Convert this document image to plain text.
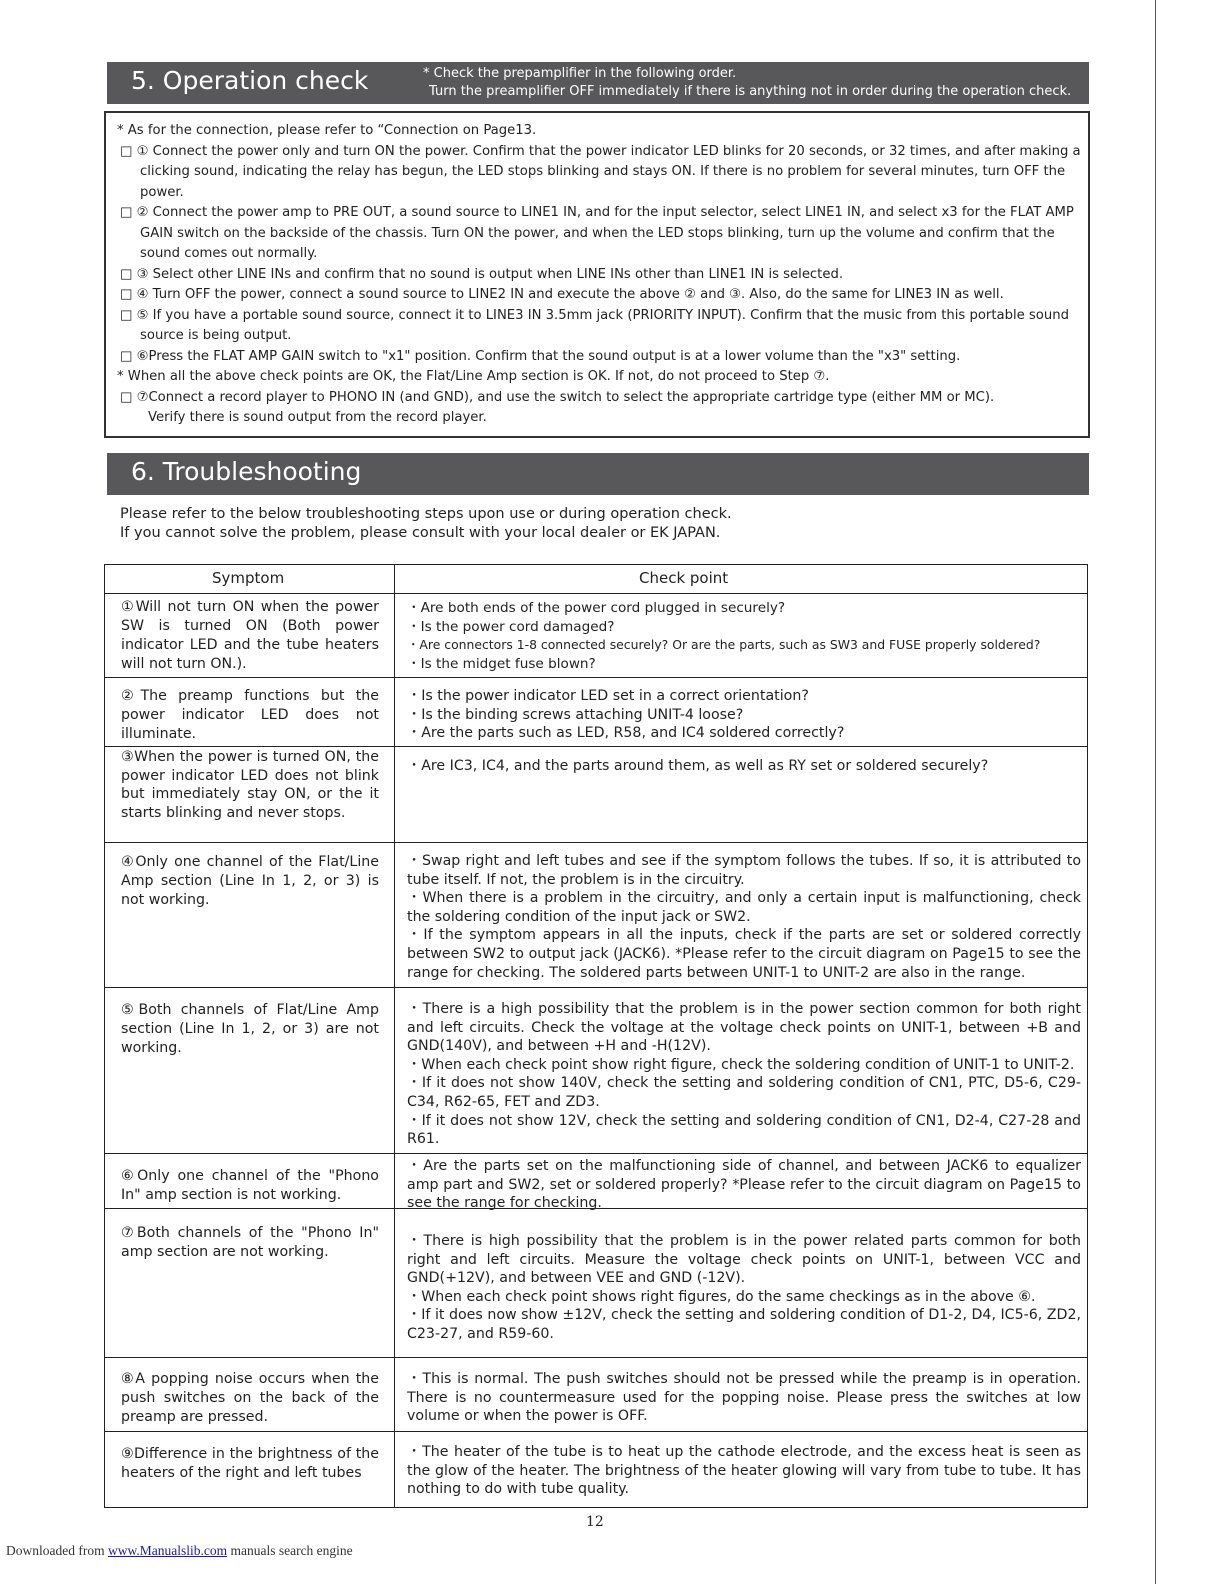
5. Operation check	* Check the prepamplifier in the following order.
Turn the preamplifier OFF immediately if there is anything not in order during the operation check.
* As for the connection, please refer to “Connection on Page13.
□ ① Connect the power only and turn ON the power. Confirm that the power indicator LED blinks for 20 seconds, or 32 times, and after making a
clicking sound, indicating the relay has begun, the LED stops blinking and stays ON. If there is no problem for several minutes, turn OFF the
power.
□ ② Connect the power amp to PRE OUT, a sound source to LINE1 IN, and for the input selector, select LINE1 IN, and select x3 for the FLAT AMP
GAIN switch on the backside of the chassis. Turn ON the power, and when the LED stops blinking, turn up the volume and confirm that the
sound comes out normally.
□ ③ Select other LINE INs and confirm that no sound is output when LINE INs other than LINE1 IN is selected.
□ ④ Turn OFF the power, connect a sound source to LINE2 IN and execute the above ② and ③. Also, do the same for LINE3 IN as well.
□ ⑤ If you have a portable sound source, connect it to LINE3 IN 3.5mm jack (PRIORITY INPUT). Confirm that the music from this portable sound
source is being output.
□ ⑥Press the FLAT AMP GAIN switch to "x1" position. Confirm that the sound output is at a lower volume than the "x3" setting.
* When all the above check points are OK, the Flat/Line Amp section is OK. If not, do not proceed to Step ⑦.
□ ⑦Connect a record player to PHONO IN (and GND), and use the switch to select the appropriate cartridge type (either MM or MC).
Verify there is sound output from the record player.
6. Troubleshooting
Please refer to the below troubleshooting steps upon use or during operation check.
If you cannot solve the problem, please consult with your local dealer or EK JAPAN.
Symptom	Check point
①Will not turn ON when the power SW is turned ON (Both power indicator LED and the tube heaters will not turn ON.).
・Are both ends of the power cord plugged in securely?
・Is the power cord damaged?
・Are connectors 1-8 connected securely? Or are the parts, such as SW3 and FUSE properly soldered?
・Is the midget fuse blown?
②The preamp functions but the power indicator LED does not illuminate.
・Is the power indicator LED set in a correct orientation?
・Is the binding screws attaching UNIT-4 loose?
・Are the parts such as LED, R58, and IC4 soldered correctly?
③When the power is turned ON, the power indicator LED does not blink but immediately stay ON, or the it starts blinking and never stops.
・Are IC3, IC4, and the parts around them, as well as RY set or soldered securely?
④Only one channel of the Flat/Line Amp section (Line In 1, 2, or 3) is not working.
・Swap right and left tubes and see if the symptom follows the tubes. If so, it is attributed to tube itself. If not, the problem is in the circuitry.
・When there is a problem in the circuitry, and only a certain input is malfunctioning, check the soldering condition of the input jack or SW2.
・If the symptom appears in all the inputs, check if the parts are set or soldered correctly between SW2 to output jack (JACK6). *Please refer to the circuit diagram on Page15 to see the range for checking. The soldered parts between UNIT-1 to UNIT-2 are also in the range.
⑤Both channels of Flat/Line Amp section (Line In 1, 2, or 3) are not working.
・There is a high possibility that the problem is in the power section common for both right and left circuits. Check the voltage at the voltage check points on UNIT-1, between +B and GND(140V), and between +H and -H(12V).
・When each check point show right figure, check the soldering condition of UNIT-1 to UNIT-2.
・If it does not show 140V, check the setting and soldering condition of CN1, PTC, D5-6, C29-C34, R62-65, FET and ZD3.
・If it does not show 12V, check the setting and soldering condition of CN1, D2-4, C27-28 and R61.
⑥Only one channel of the "Phono In" amp section is not working.
・Are the parts set on the malfunctioning side of channel, and between JACK6 to equalizer amp part and SW2, set or soldered properly? *Please refer to the circuit diagram on Page15 to see the range for checking.
⑦Both channels of the "Phono In" amp section are not working.
・There is high possibility that the problem is in the power related parts common for both right and left circuits. Measure the voltage check points on UNIT-1, between VCC and GND(+12V), and between VEE and GND (-12V).
・When each check point shows right figures, do the same checkings as in the above ⑥.
・If it does now show ±12V, check the setting and soldering condition of D1-2, D4, IC5-6, ZD2, C23-27, and R59-60.
⑧A popping noise occurs when the push switches on the back of the preamp are pressed.
・This is normal. The push switches should not be pressed while the preamp is in operation. There is no countermeasure used for the popping noise. Please press the switches at low volume or when the power is OFF.
⑨Difference in the brightness of the heaters of the right and left tubes
・The heater of the tube is to heat up the cathode electrode, and the excess heat is seen as the glow of the heater. The brightness of the heater glowing will vary from tube to tube. It has nothing to do with tube quality.
12
Downloaded from www.Manualslib.com manuals search engine
